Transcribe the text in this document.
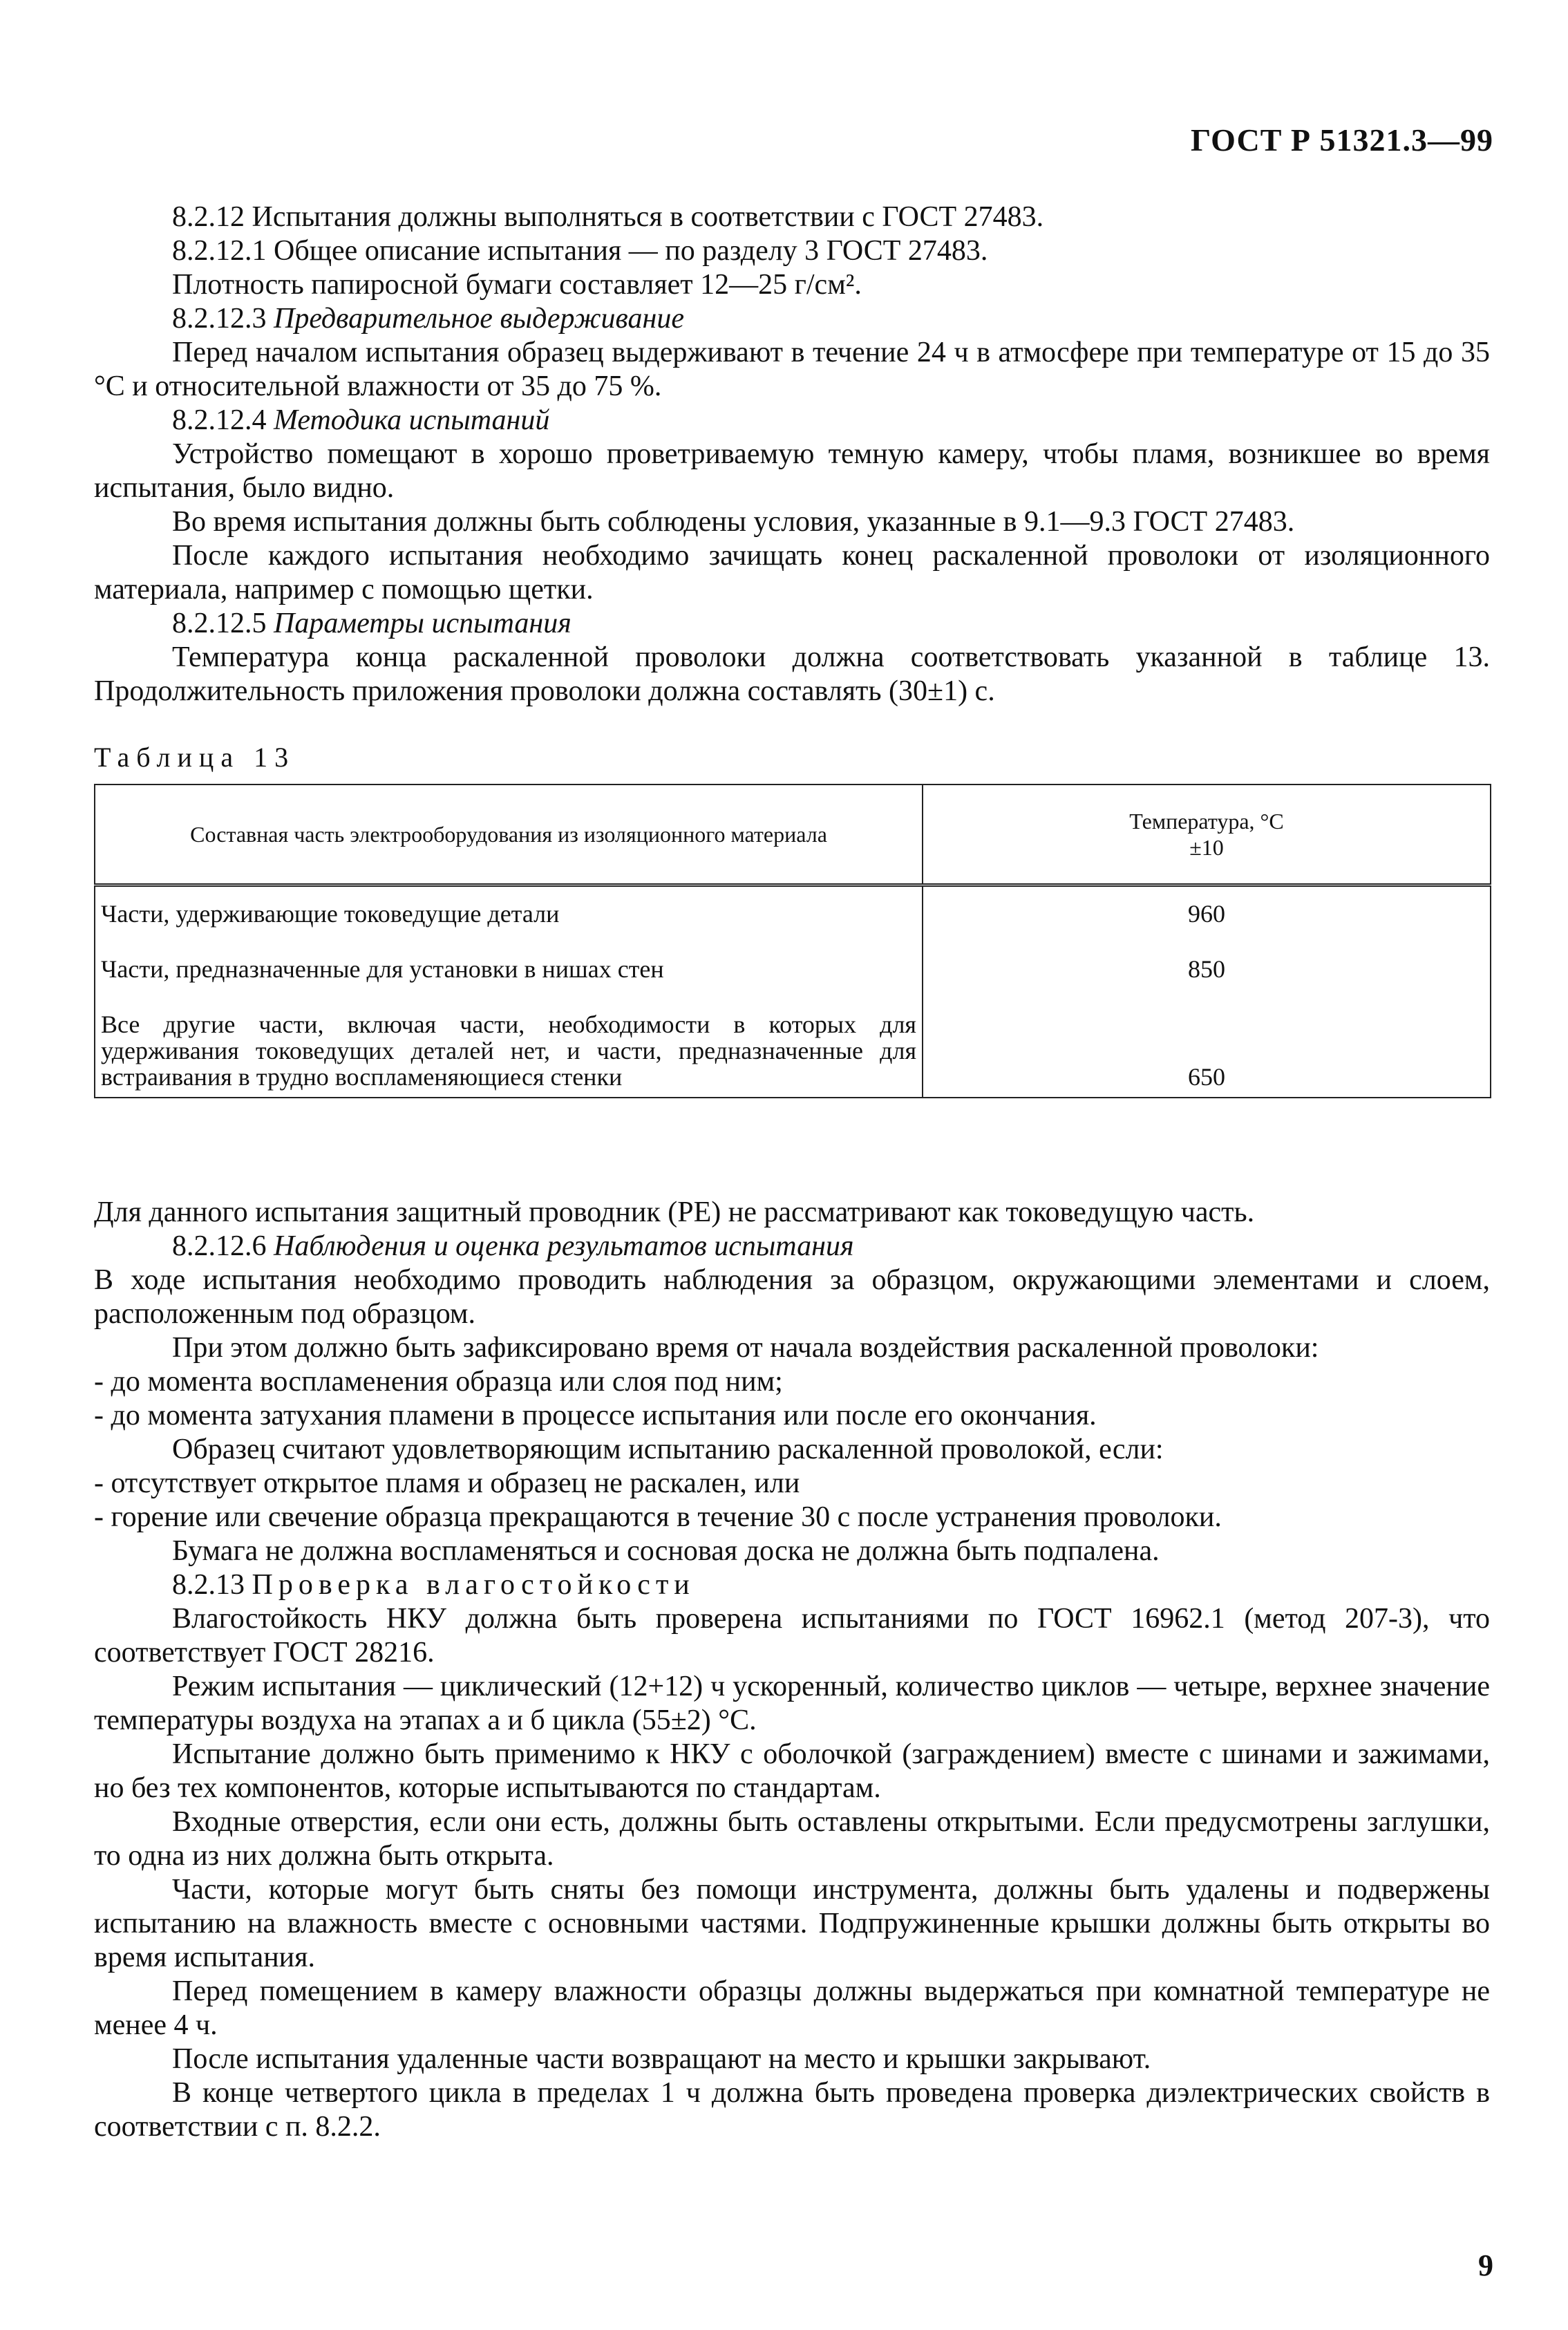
ГОСТ Р 51321.3—99

8.2.12 Испытания должны выполняться в соответствии с ГОСТ 27483.

8.2.12.1 Общее описание испытания — по разделу 3 ГОСТ 27483.

Плотность папиросной бумаги составляет 12—25 г/см².

8.2.12.3 Предварительное выдерживание

Перед началом испытания образец выдерживают в течение 24 ч в атмосфере при температуре от 15 до 35 °С и относительной влажности от 35 до 75 %.

8.2.12.4 Методика испытаний

Устройство помещают в хорошо проветриваемую темную камеру, чтобы пламя, возникшее во время испытания, было видно.

Во время испытания должны быть соблюдены условия, указанные в 9.1—9.3 ГОСТ 27483.

После каждого испытания необходимо зачищать конец раскаленной проволоки от изоляционного материала, например с помощью щетки.

8.2.12.5 Параметры испытания

Температура конца раскаленной проволоки должна соответствовать указанной в таблице 13. Продолжительность приложения проволоки должна составлять (30±1) с.

Таблица 13
Составная часть электрооборудования из изоляционного материала	Температура, °С
±10

Части, удерживающие токоведущие детали	960
Части, предназначенные для установки в нишах стен	850
Все другие части, включая части, необходимости в которых для удерживания токоведущих деталей нет, и части, предназначенные для встраивания в трудно воспламеняющиеся стенки	650

Для данного испытания защитный проводник (PE) не рассматривают как токоведущую часть.

8.2.12.6 Наблюдения и оценка результатов испытания

В ходе испытания необходимо проводить наблюдения за образцом, окружающими элементами и слоем, расположенным под образцом.

При этом должно быть зафиксировано время от начала воздействия раскаленной проволоки:

- до момента воспламенения образца или слоя под ним;

- до момента затухания пламени в процессе испытания или после его окончания.

Образец считают удовлетворяющим испытанию раскаленной проволокой, если:

- отсутствует открытое пламя и образец не раскален, или

- горение или свечение образца прекращаются в течение 30 с после устранения проволоки.

Бумага не должна воспламеняться и сосновая доска не должна быть подпалена.

8.2.13 Проверка влагостойкости

Влагостойкость НКУ должна быть проверена испытаниями по ГОСТ 16962.1 (метод 207-3), что соответствует ГОСТ 28216.

Режим испытания — циклический (12+12) ч ускоренный, количество циклов — четыре, верхнее значение температуры воздуха на этапах а и б цикла (55±2) °С.

Испытание должно быть применимо к НКУ с оболочкой (заграждением) вместе с шинами и зажимами, но без тех компонентов, которые испытываются по стандартам.

Входные отверстия, если они есть, должны быть оставлены открытыми. Если предусмотрены заглушки, то одна из них должна быть открыта.

Части, которые могут быть сняты без помощи инструмента, должны быть удалены и подвержены испытанию на влажность вместе с основными частями. Подпружиненные крышки должны быть открыты во время испытания.

Перед помещением в камеру влажности образцы должны выдержаться при комнатной температуре не менее 4 ч.

После испытания удаленные части возвращают на место и крышки закрывают.

В конце четвертого цикла в пределах 1 ч должна быть проведена проверка диэлектрических свойств в соответствии с п. 8.2.2.

9
